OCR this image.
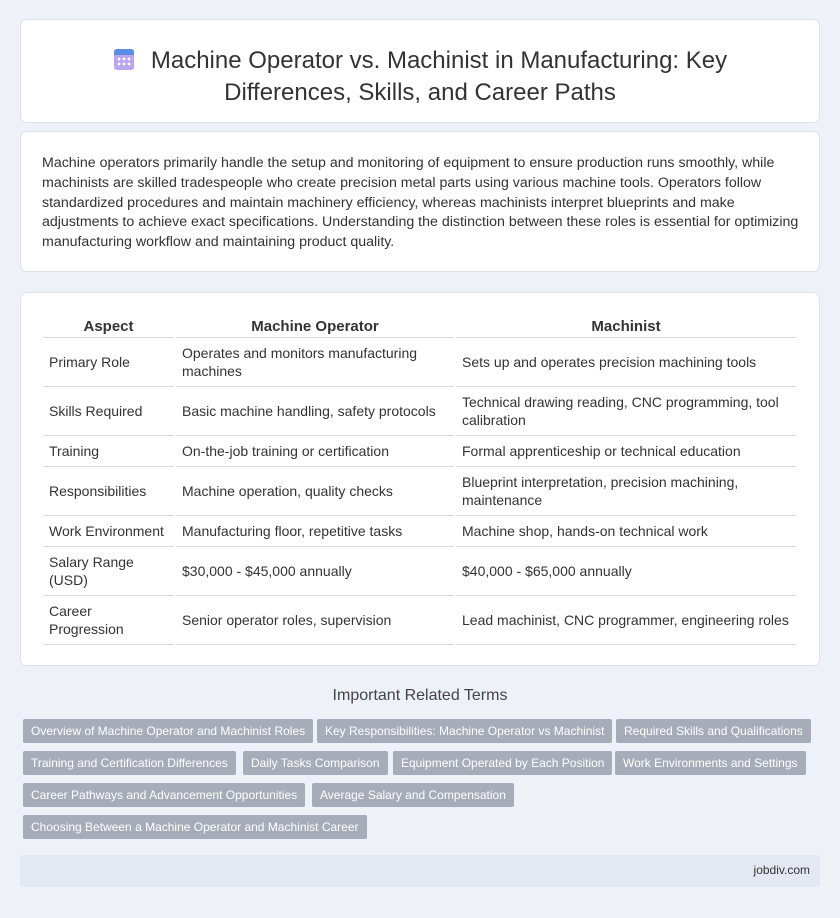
Machine Operator vs. Machinist in Manufacturing: Key
Differences, Skills, and Career Paths
Machine operators primarily handle the setup and monitoring of equipment to ensure production runs smoothly, while machinists are skilled tradespeople who create precision metal parts using various machine tools. Operators follow standardized procedures and maintain machinery efficiency, whereas machinists interpret blueprints and make adjustments to achieve exact specifications. Understanding the distinction between these roles is essential for optimizing manufacturing workflow and maintaining product quality.
Aspect	Machine Operator	Machinist
Primary Role	Operates and monitors manufacturing machines	Sets up and operates precision machining tools
Skills Required	Basic machine handling, safety protocols	Technical drawing reading, CNC programming, tool calibration
Training	On-the-job training or certification	Formal apprenticeship or technical education
Responsibilities	Machine operation, quality checks	Blueprint interpretation, precision machining, maintenance
Work Environment	Manufacturing floor, repetitive tasks	Machine shop, hands-on technical work
Salary Range (USD)	$30,000 - $45,000 annually	$40,000 - $65,000 annually
Career Progression	Senior operator roles, supervision	Lead machinist, CNC programmer, engineering roles
Important Related Terms
Overview of Machine Operator and Machinist Roles	Key Responsibilities: Machine Operator vs Machinist	Required Skills and Qualifications
Training and Certification Differences	Daily Tasks Comparison	Equipment Operated by Each Position	Work Environments and Settings
Career Pathways and Advancement Opportunities	Average Salary and Compensation
Choosing Between a Machine Operator and Machinist Career
jobdiv.com
